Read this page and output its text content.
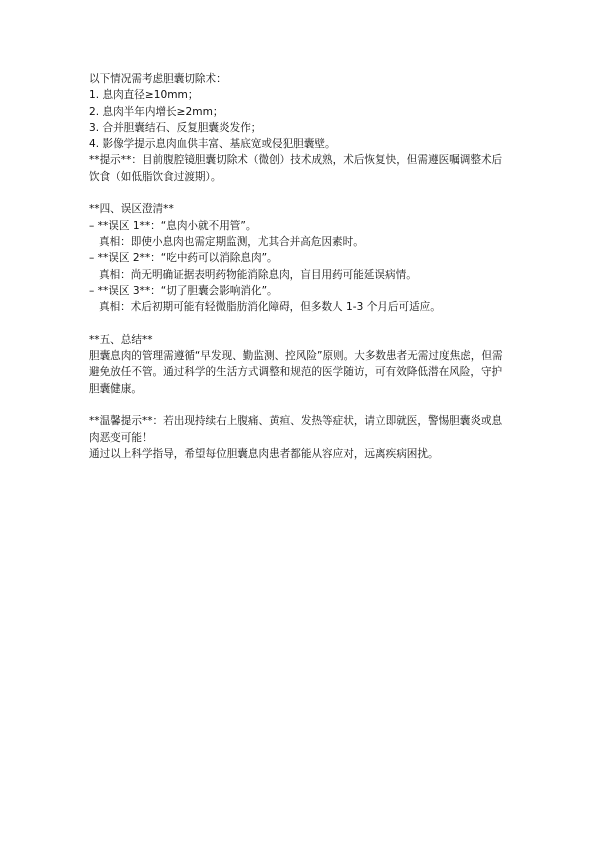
以下情况需考虑胆囊切除术：
1. 息肉直径≥10mm；
2. 息肉半年内增长≥2mm；
3. 合并胆囊结石、反复胆囊炎发作；
4. 影像学提示息肉血供丰富、基底宽或侵犯胆囊壁。
**提示**：目前腹腔镜胆囊切除术（微创）技术成熟，术后恢复快，但需遵医嘱调整术后饮食（如低脂饮食过渡期）。
**四、误区澄清**
– **误区 1**：“息肉小就不用管”。
真相：即使小息肉也需定期监测，尤其合并高危因素时。
– **误区 2**：“吃中药可以消除息肉”。
真相：尚无明确证据表明药物能消除息肉，盲目用药可能延误病情。
– **误区 3**：“切了胆囊会影响消化”。
真相：术后初期可能有轻微脂肪消化障碍，但多数人 1-3 个月后可适应。
**五、总结**
胆囊息肉的管理需遵循“早发现、勤监测、控风险”原则。大多数患者无需过度焦虑，但需避免放任不管。通过科学的生活方式调整和规范的医学随访，可有效降低潜在风险，守护胆囊健康。
**温馨提示**：若出现持续右上腹痛、黄疸、发热等症状，请立即就医，警惕胆囊炎或息肉恶变可能！
通过以上科学指导，希望每位胆囊息肉患者都能从容应对，远离疾病困扰。
